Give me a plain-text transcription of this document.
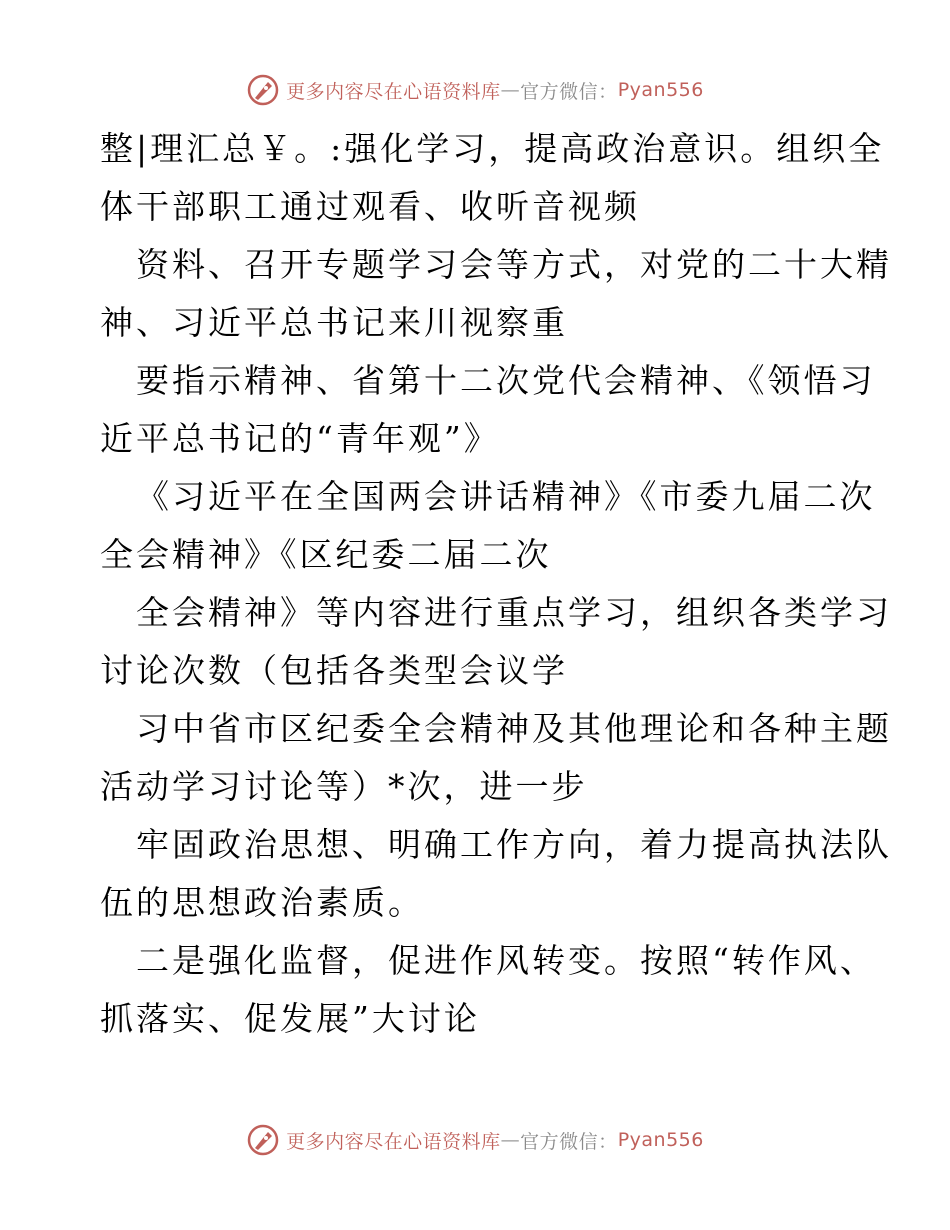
更多内容尽在心语资料库 — 官方微信： Pyan556
整|理汇总￥。:强化学习，提高政治意识。组织全
体干部职工通过观看、收听音视频
资料、召开专题学习会等方式，对党的二十大精
神、习近平总书记来川视察重
要指示精神、省第十二次党代会精神、《领悟习
近平总书记的“青年观”》
《习近平在全国两会讲话精神》《市委九届二次
全会精神》《区纪委二届二次
全会精神》等内容进行重点学习，组织各类学习
讨论次数（包括各类型会议学
习中省市区纪委全会精神及其他理论和各种主题
活动学习讨论等）*次，进一步
牢固政治思想、明确工作方向，着力提高执法队
伍的思想政治素质。
二是强化监督，促进作风转变。按照“转作风、
抓落实、促发展”大讨论
更多内容尽在心语资料库 — 官方微信： Pyan556
